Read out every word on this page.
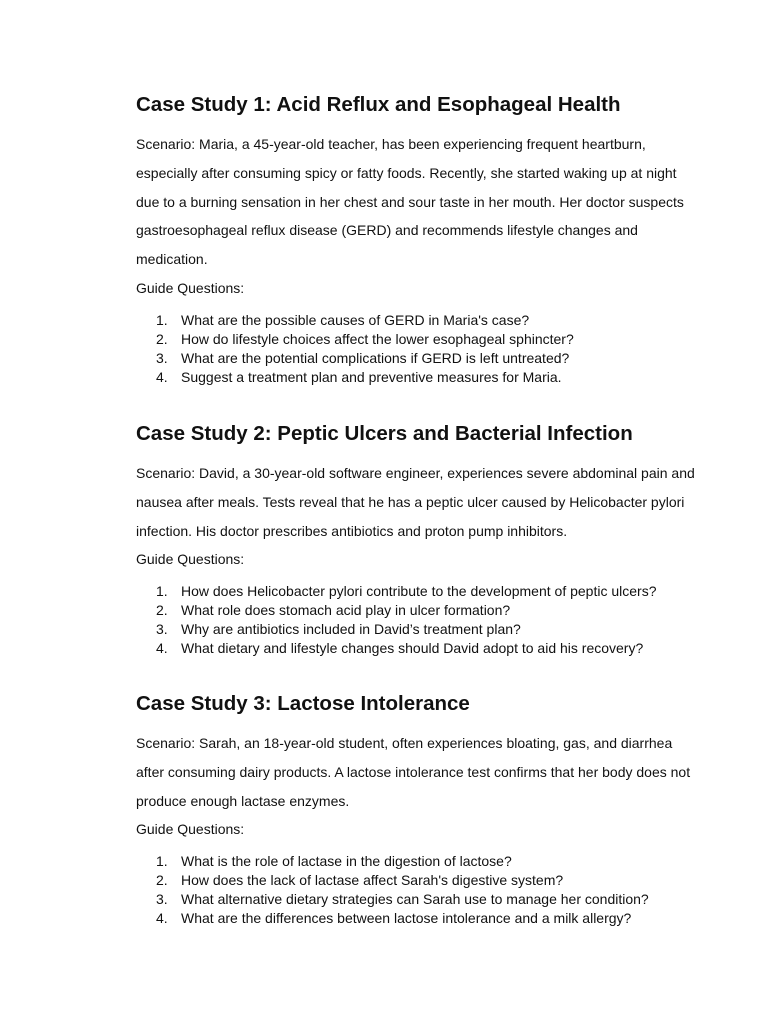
Case Study 1: Acid Reflux and Esophageal Health

Scenario: Maria, a 45-year-old teacher, has been experiencing frequent heartburn, especially after consuming spicy or fatty foods. Recently, she started waking up at night due to a burning sensation in her chest and sour taste in her mouth. Her doctor suspects gastroesophageal reflux disease (GERD) and recommends lifestyle changes and medication.

Guide Questions:

1. What are the possible causes of GERD in Maria's case?
2. How do lifestyle choices affect the lower esophageal sphincter?
3. What are the potential complications if GERD is left untreated?
4. Suggest a treatment plan and preventive measures for Maria.
Case Study 2: Peptic Ulcers and Bacterial Infection

Scenario: David, a 30-year-old software engineer, experiences severe abdominal pain and nausea after meals. Tests reveal that he has a peptic ulcer caused by Helicobacter pylori infection. His doctor prescribes antibiotics and proton pump inhibitors.

Guide Questions:

1. How does Helicobacter pylori contribute to the development of peptic ulcers?
2. What role does stomach acid play in ulcer formation?
3. Why are antibiotics included in David’s treatment plan?
4. What dietary and lifestyle changes should David adopt to aid his recovery?
Case Study 3: Lactose Intolerance

Scenario: Sarah, an 18-year-old student, often experiences bloating, gas, and diarrhea after consuming dairy products. A lactose intolerance test confirms that her body does not produce enough lactase enzymes.

Guide Questions:

1. What is the role of lactase in the digestion of lactose?
2. How does the lack of lactase affect Sarah's digestive system?
3. What alternative dietary strategies can Sarah use to manage her condition?
4. What are the differences between lactose intolerance and a milk allergy?
